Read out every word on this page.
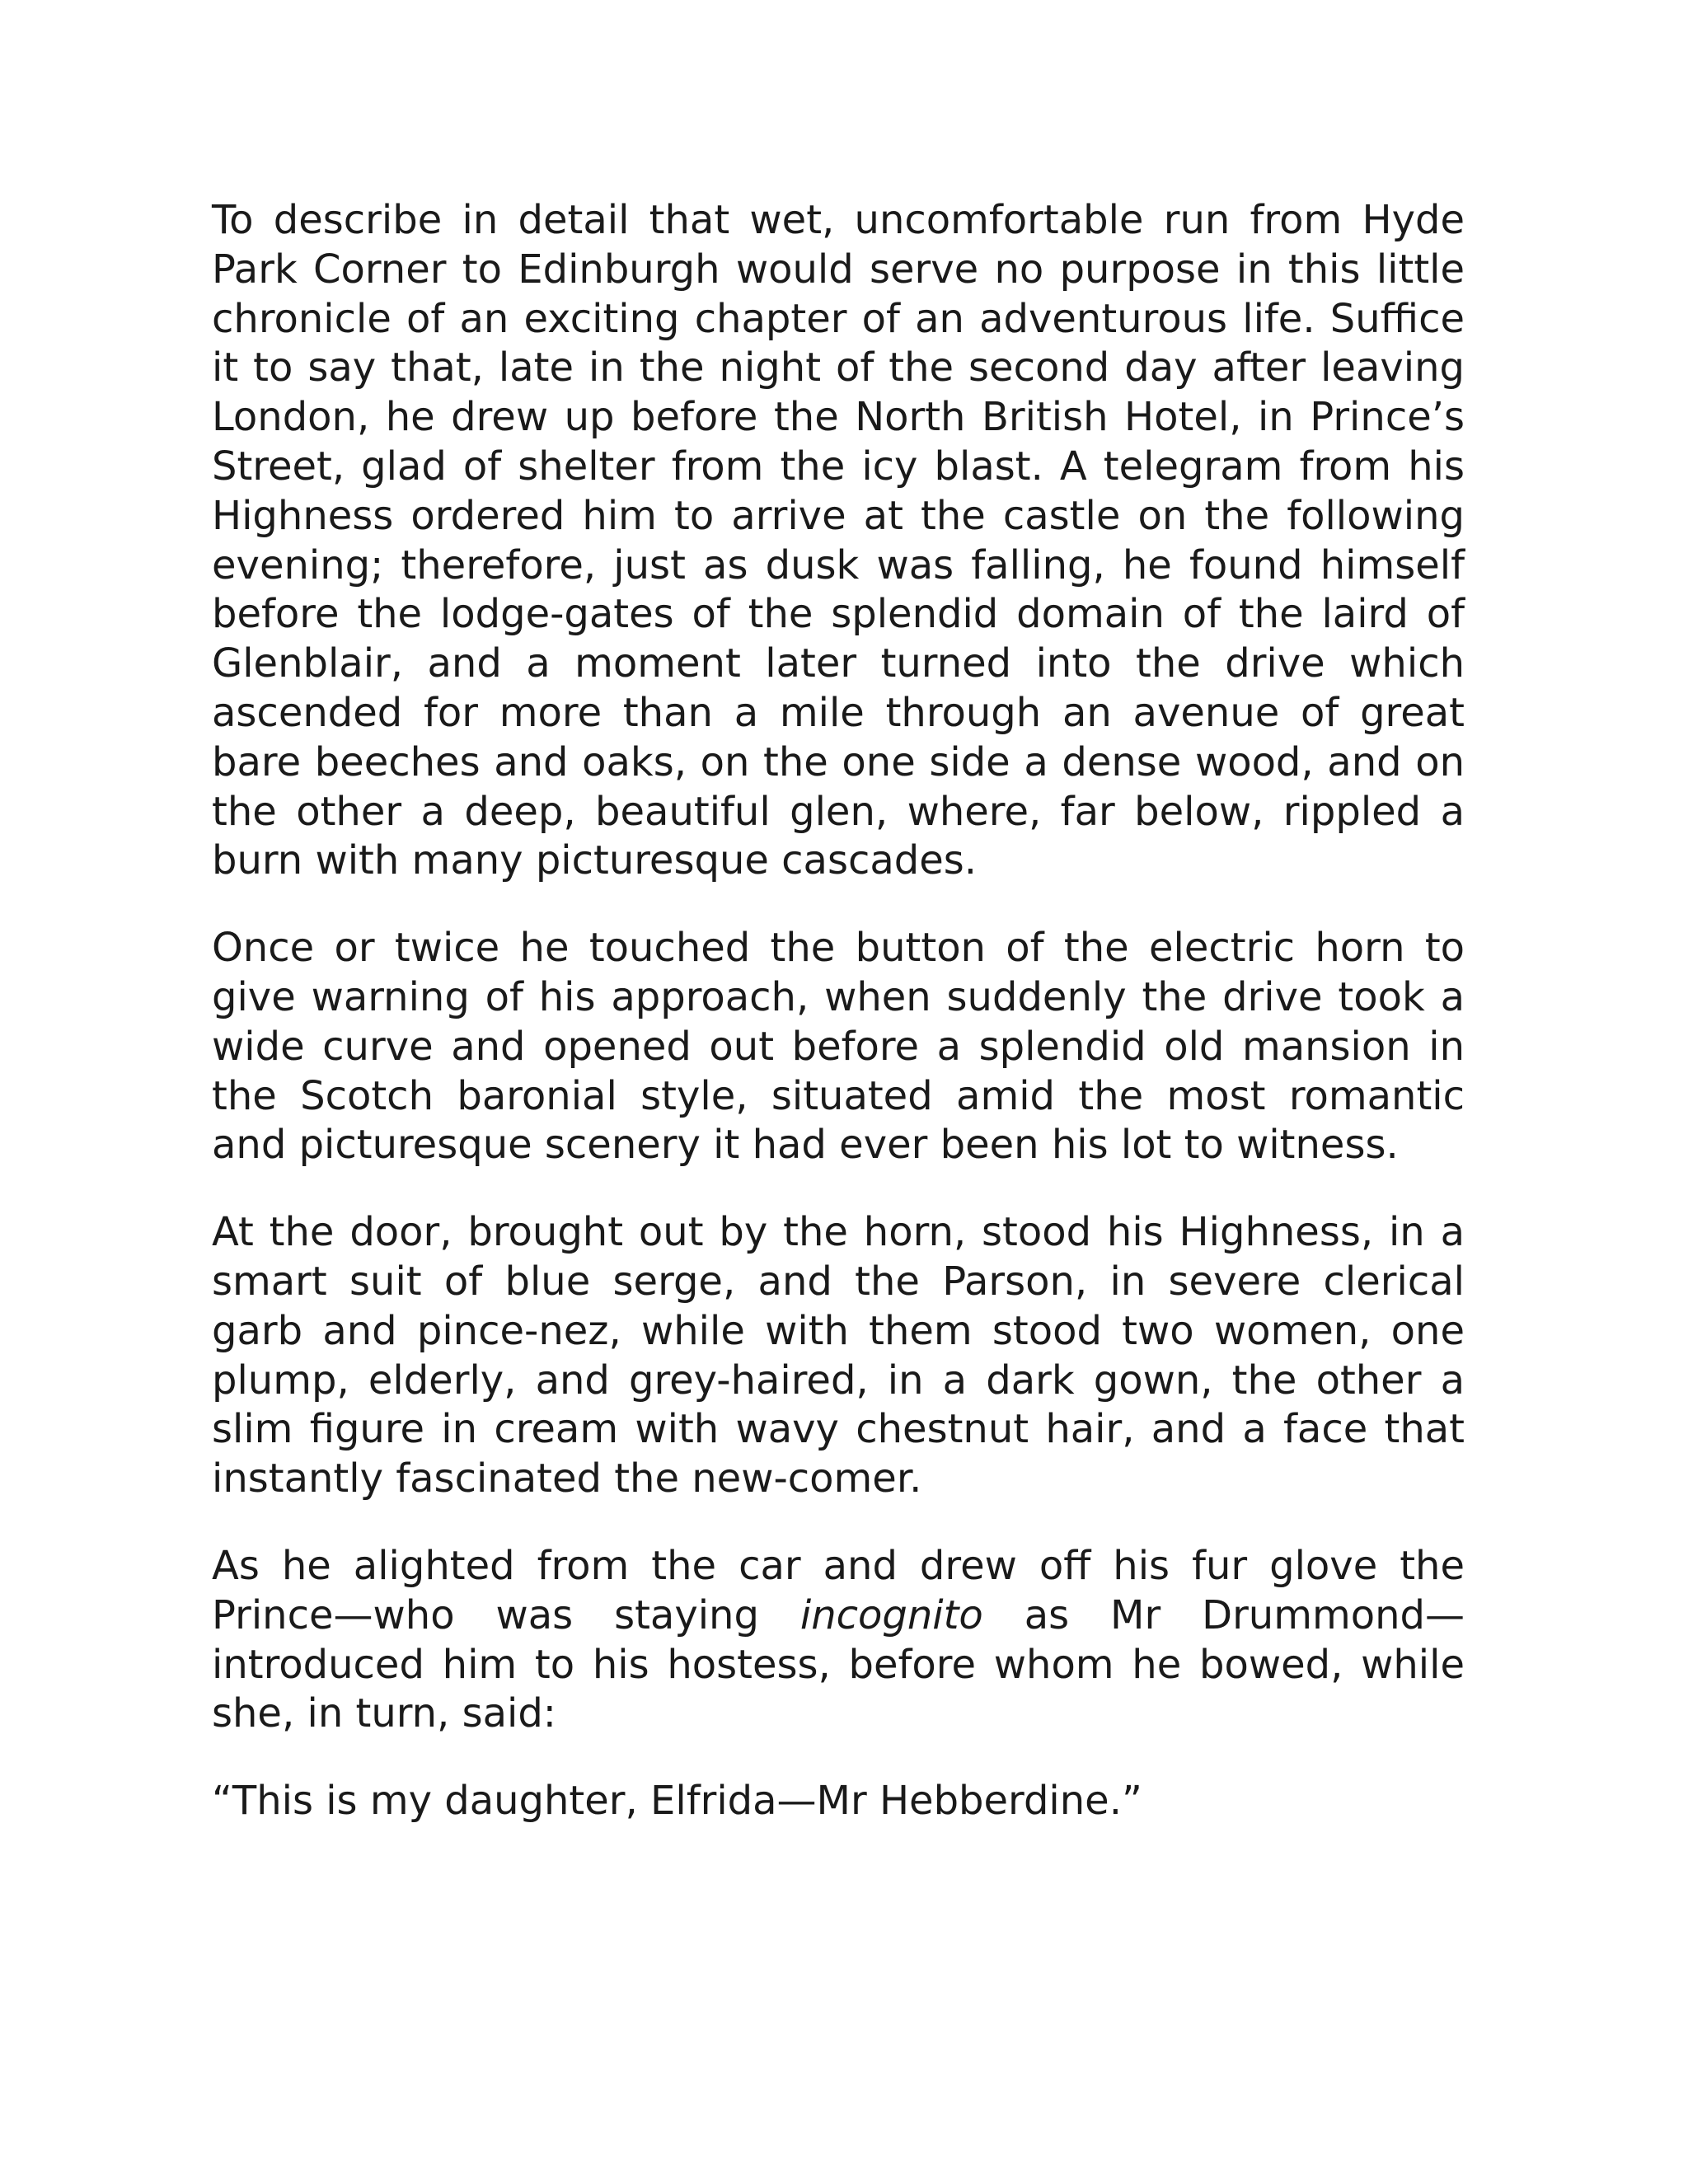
To describe in detail that wet, uncomfortable run from Hyde Park Corner to Edinburgh would serve no purpose in this little chronicle of an exciting chapter of an adventurous life. Suffice it to say that, late in the night of the second day after leaving London, he drew up before the North British Hotel, in Prince’s Street, glad of shelter from the icy blast. A telegram from his Highness ordered him to arrive at the castle on the following evening; therefore, just as dusk was falling, he found himself before the lodge-gates of the splendid domain of the laird of Glenblair, and a moment later turned into the drive which ascended for more than a mile through an avenue of great bare beeches and oaks, on the one side a dense wood, and on the other a deep, beautiful glen, where, far below, rippled a burn with many picturesque cascades.

Once or twice he touched the button of the electric horn to give warning of his approach, when suddenly the drive took a wide curve and opened out before a splendid old mansion in the Scotch baronial style, situated amid the most romantic and picturesque scenery it had ever been his lot to witness.

At the door, brought out by the horn, stood his Highness, in a smart suit of blue serge, and the Parson, in severe clerical garb and pince-nez, while with them stood two women, one plump, elderly, and grey-haired, in a dark gown, the other a slim figure in cream with wavy chestnut hair, and a face that instantly fascinated the new-comer.

As he alighted from the car and drew off his fur glove the Prince—who was staying incognito as Mr Drummond—introduced him to his hostess, before whom he bowed, while she, in turn, said:

“This is my daughter, Elfrida—Mr Hebberdine.”
